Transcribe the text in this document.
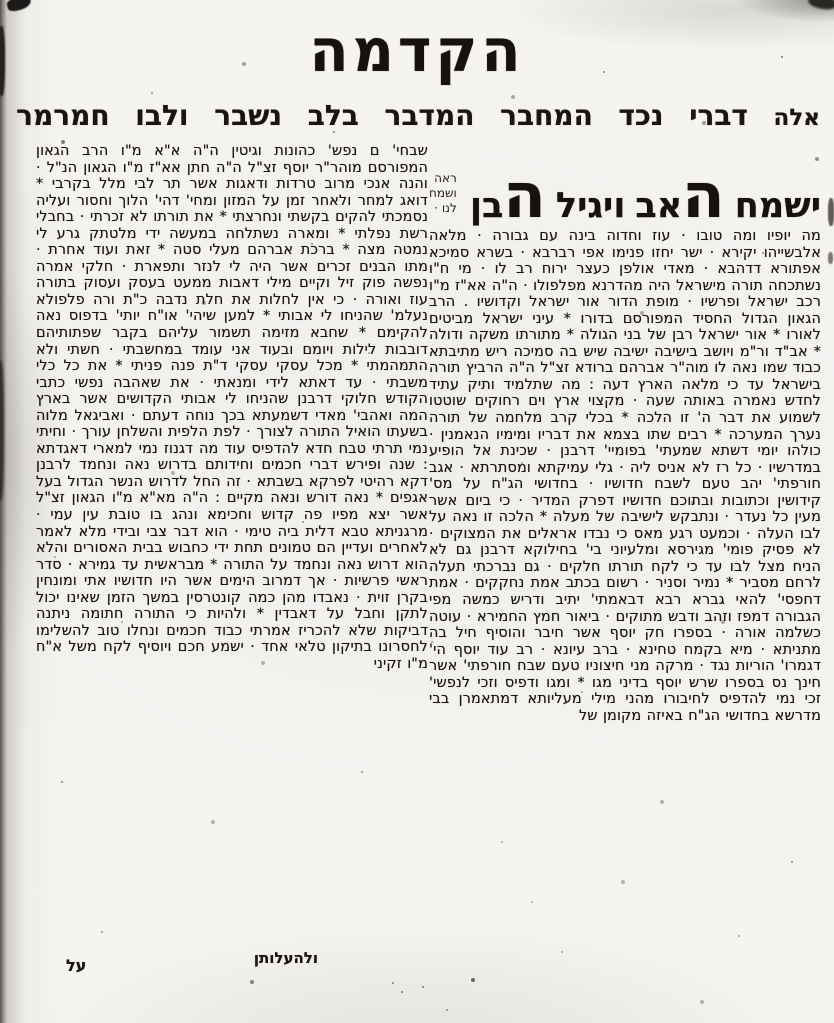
הקדמה
אלה
דברי
נכד
המחבר
המדבר
בלב
נשבר
ולבו
חמרמר
ישמח
האב
ויגיל
הבן
ראה
ושמח
לנו ·
מה יופיו ומה טובו · עוז וחדוה בינה עם גבורה · מלאה אלבשייהו יקירא · ישר יחזו פנימו אפי רברבא · בשרא סמיכא אפתורא דדהבא · מאדי אולפן כעצר ירוח רב לו · מי ח"ו נשתכחה תורה מישראל היה מהדרנא מפלפולו · ה"ה אא"ז מ"ו רכב ישראל ופרשיו · מופת הדור אור ישראל וקדושיו . הרב הגאון הגדול החסיד המפורסם בדורו * עיני ישראל מביטים לאורו * אור ישראל רבן של בני הגולה * מתורתו משקה ודולה * אב"ד ור"מ ויושב בישיבה ישיבה שיש בה סמיכה ריש מתיבתא כבוד שמו נאה לו מוה"ר אברהם ברודא זצ"ל ה"ה הרביץ תורה בישראל עד כי מלאה הארץ דעה : מה שתלמיד ותיק עתיד לחדש נאמרה באותה שעה · מקצוי ארץ וים רחוקים שוטטו לשמוע את דבר ה' זו הלכה * בכלי קרב מלחמה של תורה נערך המערכה * רבים שתו בצמא את דבריו ומימיו הנאמנין · כולהו יומי דשתא שמעתי' בפומיי' דרבנן · שכינת אל הופיע במדרשיו · כל רז לא אניס ליה · גלי עמיקתא ומסתרתא · אגב חורפתי' יהב טעם לשבח חדושיו · בחדושי הג"ח על מס' קידושין וכתובות ובתוכם חדושיו דפרק המדיר · כי ביום אשר מעין כל נעדר · ונתבקש לישיבה של מעלה * הלכה זו נאה על לבו העלה · וכמעט רגע מאס כי נבדו אראלים את המצוקים · לא פסיק פומי' מגירסא ומלעיוני בי' בחילוקא דרבנן גם לא הניח מצל לבו עד כי לקח תורתו חלקים · גם נברכתי תעלה לרחם מסביר * נמיר וסניר · רשום בכתב אמת נחקקים · אמת דחפסי' להאי גברא רבא דבאמתי' יתיב ודריש כמשה מפי הגבורה דמפז וזהב ודבש מתוקים · ביאור חמץ החמירא · עוטה כשלמה אורה · בספרו חק יוסף אשר חיבר והוסיף חיל בה מתניתא · מיא בקמח טחינא · ברב עיונא · רב עוד יוסף הי' דגמרו' הוריות נגד · מרקה מני חיצוניו טעם שבח חורפתי' אשר חינך נס בספרו שרש יוסף בדיני מגו * ומגו ודפיס וזכי לנפשי' זכי נמי להדפיס לחיבורו מהני מילי מעליותא דמתאמרן בבי מדרשא בחדושי הג"ח באיזה מקומן של
שבחי' ם נפש' כהונות וגיטין ה"ה א"א מ"ו הרב הגאון המפורסם מוהר"ר יוסף זצ"ל ה"ה חתן אא"ז מ"ו הגאון הנ"ל · והנה אנכי מרוב טרדות ודאגות אשר תר לבי מלל בקרבי * דואג למחר ולאחר זמן על המזון ומחי' דהי' הלוך וחסור ועליה נסמכתי להקים בקשתי ונחרצתי * את תורתו לא זכרתי · בחבלי רשת נפלתי * ומארה נשתלחה במעשה ידי מלטתק גרע לי נמטה מצה * ברכת אברהם מעלי סטה * זאת ועוד אחרת · מתו הבנים זכרים אשר היה לי לנזר ותפארת · חלקי אמרה נפשה פוק זיל וקיים מילי דאבות ממעט בעסק ועסוק בתורה עוז ואורה · כי אין לחלות את חלת נדבה כ"ת ורה פלפולא נעלמ' שהניחו לי אבותי * למען שיהי' או"ח יותי' בדפוס נאה להקימם * שחבא מזימה תשמור עליהם בקבר שפתותיהם דובבות לילות ויומם ובעוד אני עומד במחשבתי · חשתי ולא התמהמתי * מכל עסקי עסקי ד"ת פנה פניתי * את כל כלי משבתי · עד דאתא לידי ומנאתי · את שאהבה נפשי כתבי הקודש חלוקי דרבנן שהניחו לי אבותי הקדושים אשר בארץ המה ואהבי' מאדי דשמעתא בכך נוחה דעתם · ואביגאל מלוה בשעתו הואיל התורה לצורך · לפת הלפית והשלחן עורך · וחיתי נמי תרתי טבח חדא להדפיס עוד מה דגנוז נמי למארי דאגדתא : שנה ופירש דברי חכמים וחידותם בדרוש נאה ונחמד לרבנן דקא רהיטי לפרקא בשבתא · זה החל לדרוש הנשר הגדול בעל אגפים * נאה דורש ונאה מקיים : ה"ה מא"א מ"ו הגאון זצ"ל אשר יצא מפיו פה קדוש וחכימא ונהג בו טובת עין עמי · מרגניתא טבא דלית ביה טימי · הוא דבר צבי ובידי מלא לאמר לאחרים ועדיין הם טמונים תחת ידי כחבוש בבית האסורים והלא הוא דרוש נאה ונחמד על התורה * מבראשית עד גמירא · סדר ראשי פרשיות · אך דמרוב הימים אשר היו חדושיו אתי ומונחין בקרן זוית · נאבדו מהן כמה קונטרסין במשך הזמן שאינו יכול לתקן וחבל על דאבדין * ולהיות כי התורה חתומה ניתנה דביקות שלא להכריז אמרתי כבוד חכמים ונחלו טוב להשלימו לחסרונו בתיקון טלאי אחד · ישמע חכם ויוסיף לקח משל א"ח מ"ו זקיני
ולהעלותן
על
